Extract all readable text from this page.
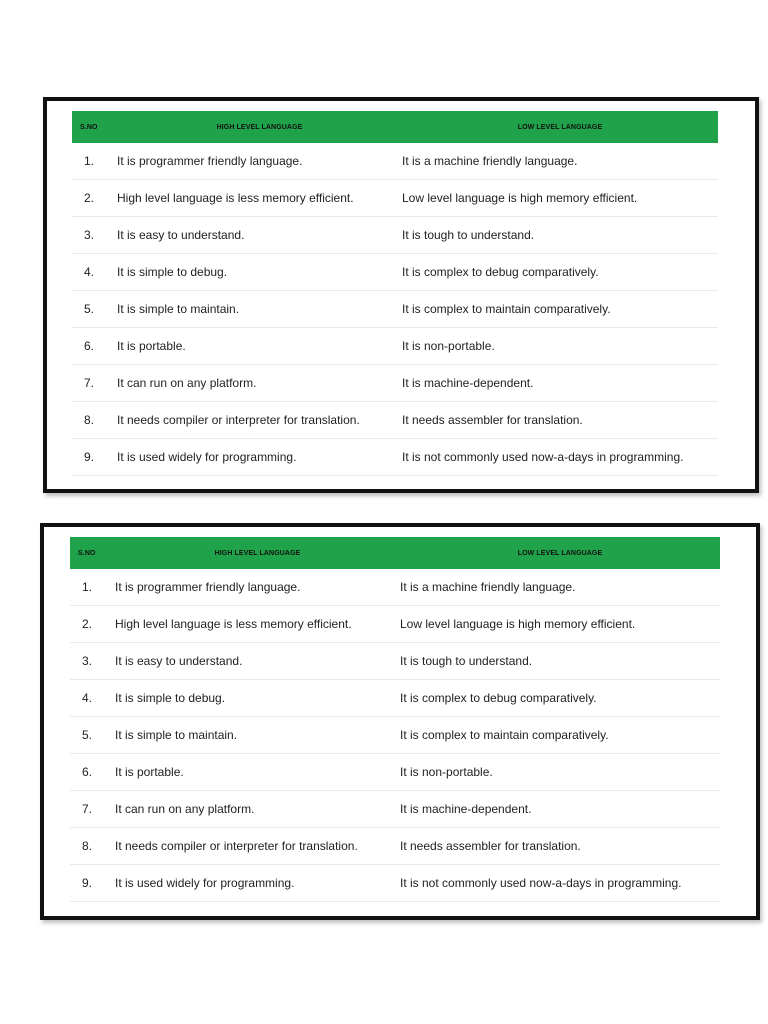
S.NO	HIGH LEVEL LANGUAGE	LOW LEVEL LANGUAGE
1.	It is programmer friendly language.	It is a machine friendly language.
2.	High level language is less memory efficient.	Low level language is high memory efficient.
3.	It is easy to understand.	It is tough to understand.
4.	It is simple to debug.	It is complex to debug comparatively.
5.	It is simple to maintain.	It is complex to maintain comparatively.
6.	It is portable.	It is non-portable.
7.	It can run on any platform.	It is machine-dependent.
8.	It needs compiler or interpreter for translation.	It needs assembler for translation.
9.	It is used widely for programming.	It is not commonly used now-a-days in programming.
S.NO	HIGH LEVEL LANGUAGE	LOW LEVEL LANGUAGE
1.	It is programmer friendly language.	It is a machine friendly language.
2.	High level language is less memory efficient.	Low level language is high memory efficient.
3.	It is easy to understand.	It is tough to understand.
4.	It is simple to debug.	It is complex to debug comparatively.
5.	It is simple to maintain.	It is complex to maintain comparatively.
6.	It is portable.	It is non-portable.
7.	It can run on any platform.	It is machine-dependent.
8.	It needs compiler or interpreter for translation.	It needs assembler for translation.
9.	It is used widely for programming.	It is not commonly used now-a-days in programming.
